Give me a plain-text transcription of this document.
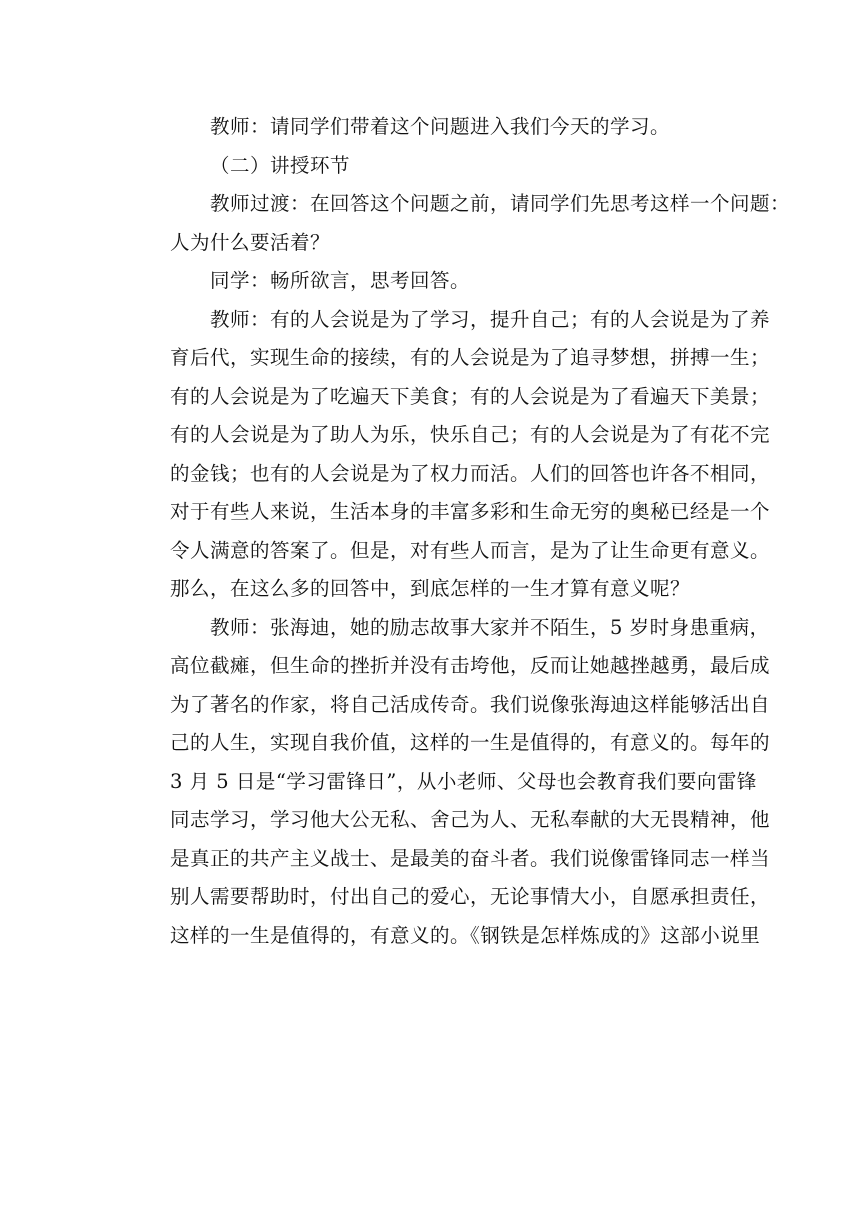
教师：请同学们带着这个问题进入我们今天的学习。
（二）讲授环节
教师过渡：在回答这个问题之前，请同学们先思考这样一个问题：
人为什么要活着？
同学：畅所欲言，思考回答。
教师：有的人会说是为了学习，提升自己；有的人会说是为了养
育后代，实现生命的接续，有的人会说是为了追寻梦想，拼搏一生；
有的人会说是为了吃遍天下美食；有的人会说是为了看遍天下美景；
有的人会说是为了助人为乐，快乐自己；有的人会说是为了有花不完
的金钱；也有的人会说是为了权力而活。人们的回答也许各不相同，
对于有些人来说，生活本身的丰富多彩和生命无穷的奥秘已经是一个
令人满意的答案了。但是，对有些人而言，是为了让生命更有意义。
那么，在这么多的回答中，到底怎样的一生才算有意义呢？
教师：张海迪，她的励志故事大家并不陌生，5 岁时身患重病，
高位截瘫，但生命的挫折并没有击垮他，反而让她越挫越勇，最后成
为了著名的作家，将自己活成传奇。我们说像张海迪这样能够活出自
己的人生，实现自我价值，这样的一生是值得的，有意义的。每年的
3 月 5 日是“学习雷锋日”，从小老师、父母也会教育我们要向雷锋
同志学习，学习他大公无私、舍己为人、无私奉献的大无畏精神，他
是真正的共产主义战士、是最美的奋斗者。我们说像雷锋同志一样当
别人需要帮助时，付出自己的爱心，无论事情大小，自愿承担责任，
这样的一生是值得的，有意义的。《钢铁是怎样炼成的》这部小说里
